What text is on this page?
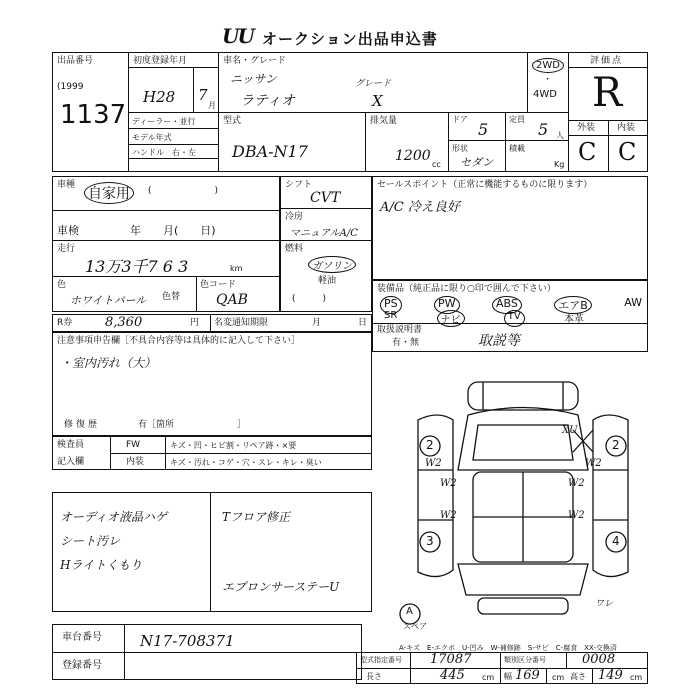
UU オークション出品申込書
出品番号
(1999
1137
初度登録年月
H28 7
月
車名・グレード
ニッサン
ラティオ
グレード
X
2WD
・
4WD
評価点
R
外装 内装
C C
ディーラー・並行
モデル年式
ハンドル　右・左
型式
DBA-N17
排気量
1200
cc
ドア
5
定員
5 人
形状
セダン
積載
Kg
車種
自家用	(　　　　　　　)
車検	年　　月(　　日)
走行
13万3千7 6 3	km
色
ホワイトパール 色替
色コード
QAB
シフト
CVT
冷房
マニュアルA/C
燃料
ガソリン
軽油
(　　　)
セールスポイント（正常に機能するものに限ります）
A/C 冷え良好
装備品（純正品に限り○印で囲んで下さい）
PS	PW	ABS	エアB	AW
SR	ナビ	TV	本革
取扱説明書
有・無	取説等
R券	8,360	円 名変通知期限	月	日
注意事項申告欄［不具合内容等は具体的に記入して下さい］
・室内汚れ（大）
修復歴	有［箇所　　　　　　　］
検査員
記入欄
FW	キズ・凹・ヒビ割・リペア跡・×要
内装	キズ・汚れ・コゲ・穴・スレ・キレ・臭い
オーディオ液晶ハゲ
シート汚レ
Hライトくもり
Tフロア修正
エプロンサーステーU
2	2
3	4
W2	W2
W2	W2
W2	W2
XU
ワレ
A
スペア
車台番号	N17-708371
登録番号
A-キズ　E-エクボ　U-凹み　W-補修跡　S-サビ　C-腐食　XX-交換済
型式指定番号 17087	類別区分番号	0008
長さ	445 cm 幅 169 cm 高さ 149 cm
